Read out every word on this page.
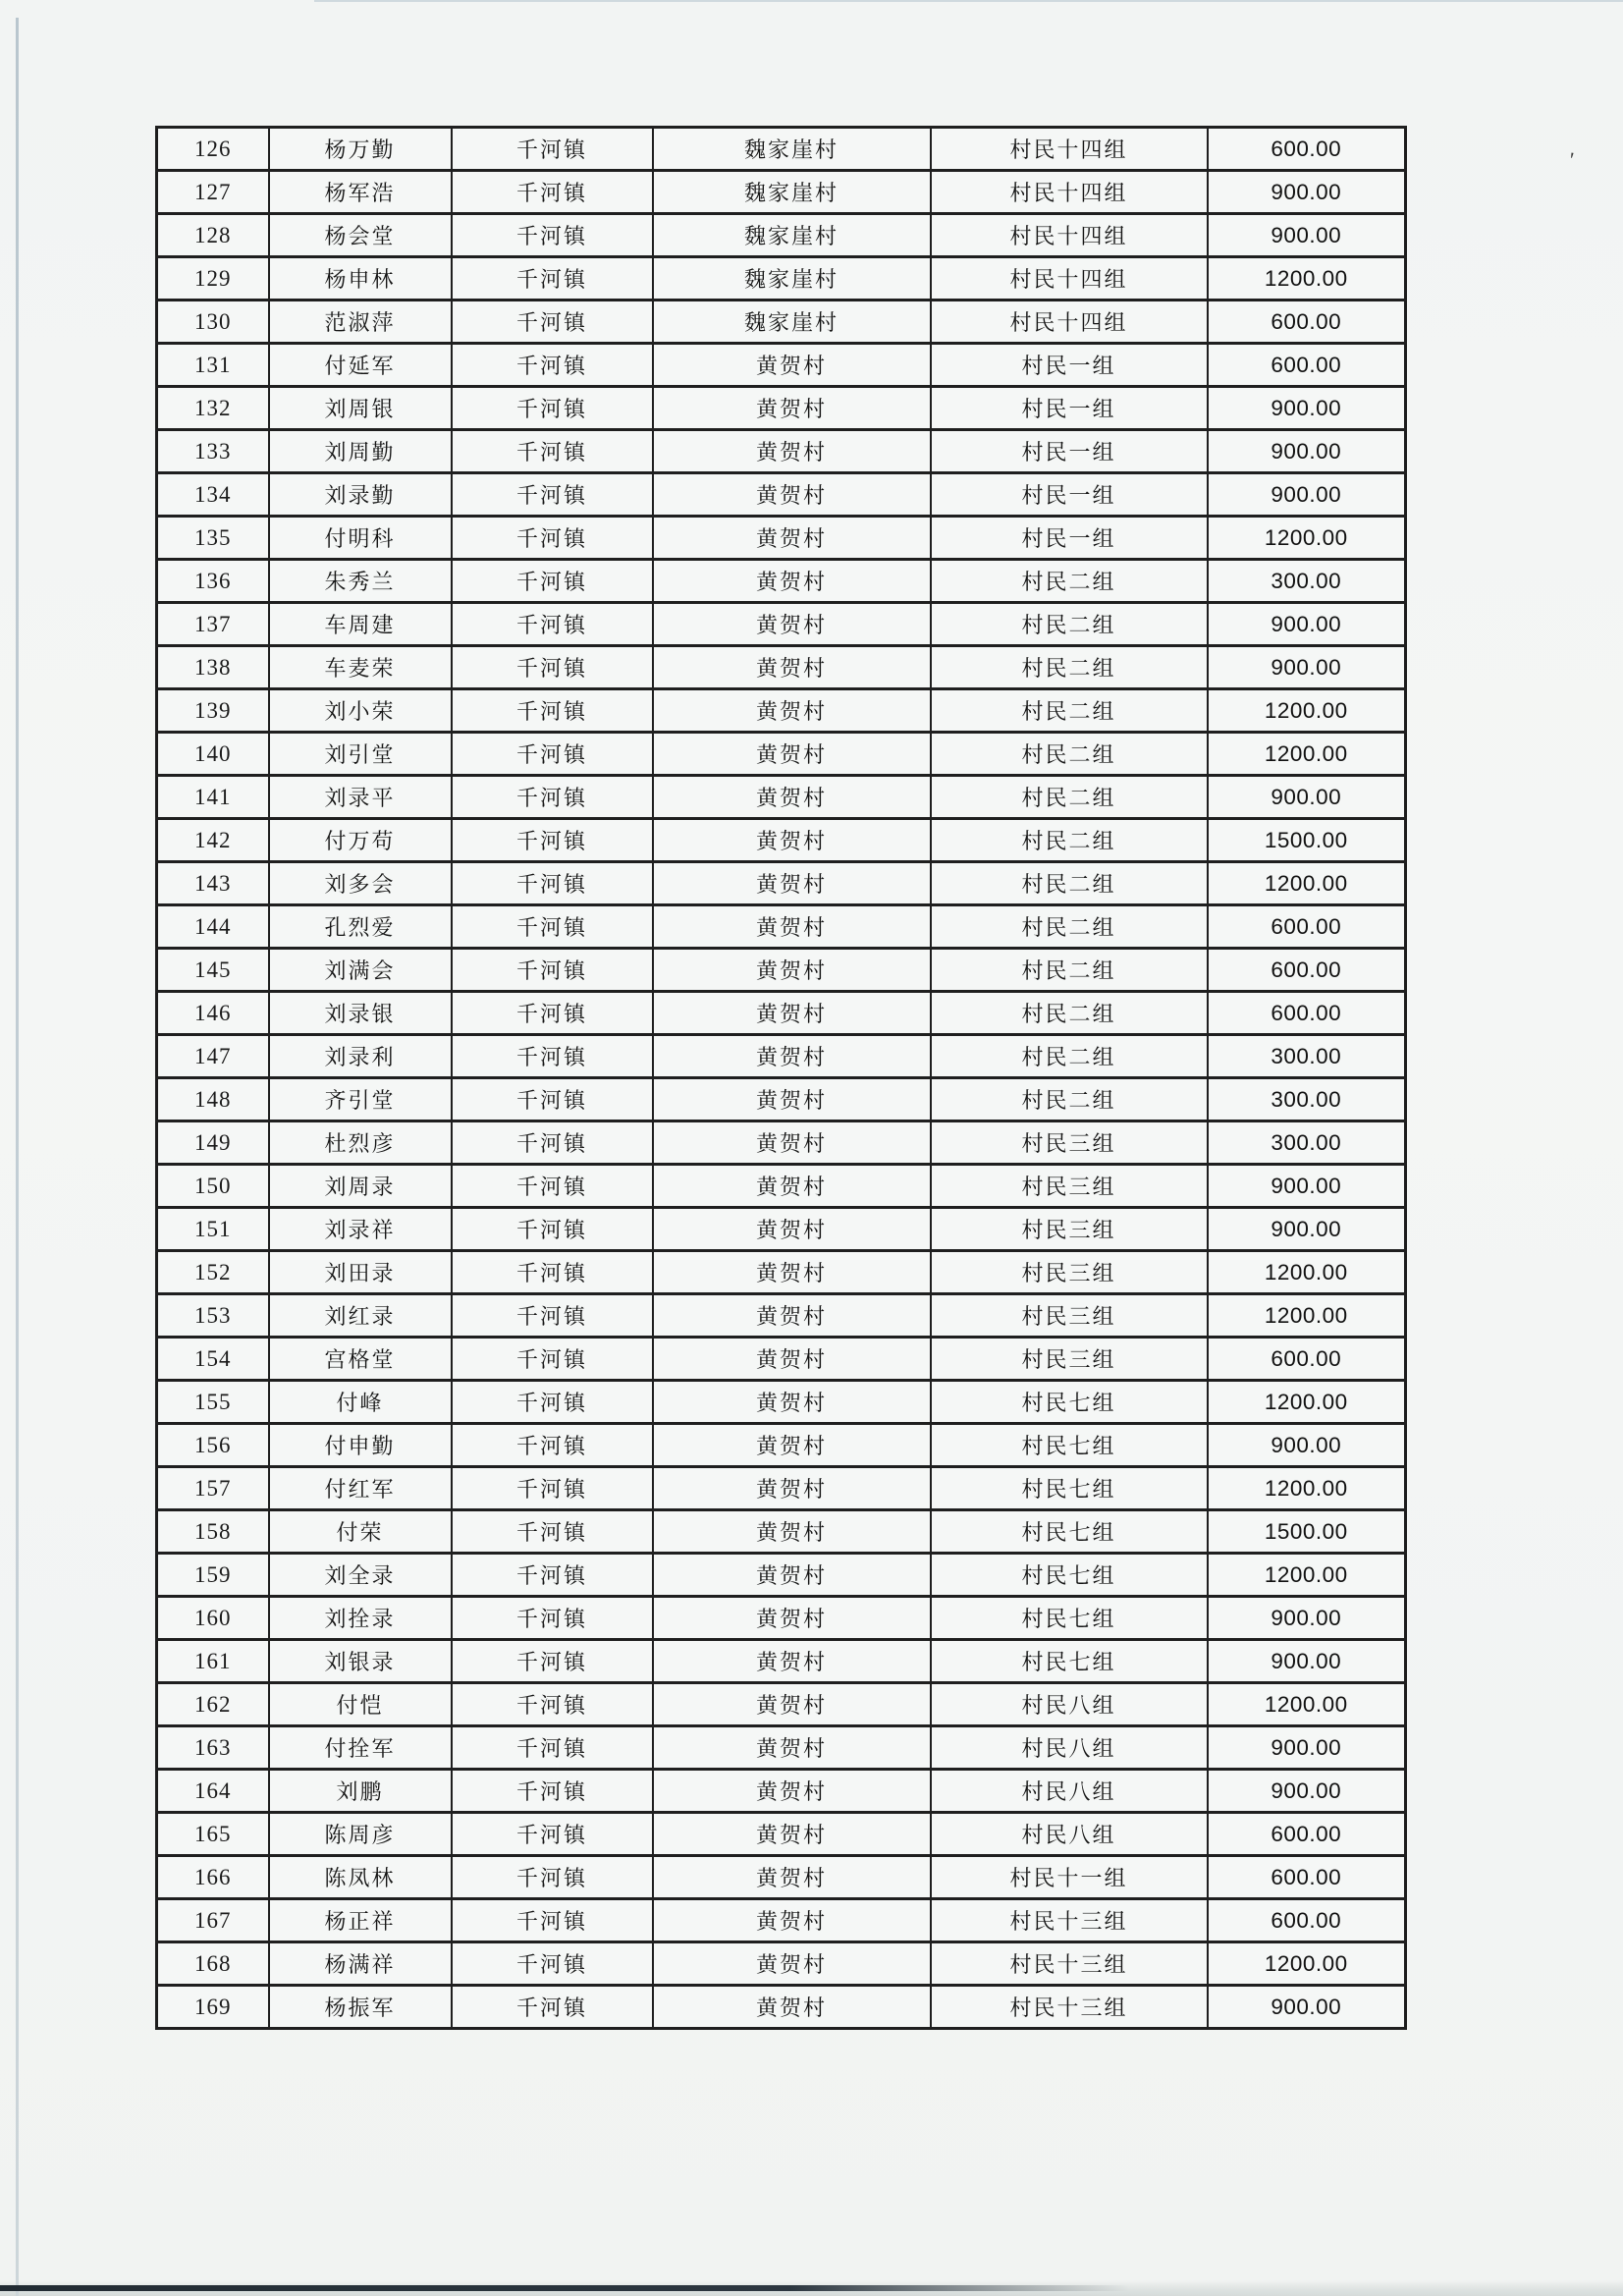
'
126	杨万勤	千河镇	魏家崖村	村民十四组	600.00
127	杨军浩	千河镇	魏家崖村	村民十四组	900.00
128	杨会堂	千河镇	魏家崖村	村民十四组	900.00
129	杨申林	千河镇	魏家崖村	村民十四组	1200.00
130	范淑萍	千河镇	魏家崖村	村民十四组	600.00
131	付延军	千河镇	黄贺村	村民一组	600.00
132	刘周银	千河镇	黄贺村	村民一组	900.00
133	刘周勤	千河镇	黄贺村	村民一组	900.00
134	刘录勤	千河镇	黄贺村	村民一组	900.00
135	付明科	千河镇	黄贺村	村民一组	1200.00
136	朱秀兰	千河镇	黄贺村	村民二组	300.00
137	车周建	千河镇	黄贺村	村民二组	900.00
138	车麦荣	千河镇	黄贺村	村民二组	900.00
139	刘小荣	千河镇	黄贺村	村民二组	1200.00
140	刘引堂	千河镇	黄贺村	村民二组	1200.00
141	刘录平	千河镇	黄贺村	村民二组	900.00
142	付万苟	千河镇	黄贺村	村民二组	1500.00
143	刘多会	千河镇	黄贺村	村民二组	1200.00
144	孔烈爱	千河镇	黄贺村	村民二组	600.00
145	刘满会	千河镇	黄贺村	村民二组	600.00
146	刘录银	千河镇	黄贺村	村民二组	600.00
147	刘录利	千河镇	黄贺村	村民二组	300.00
148	齐引堂	千河镇	黄贺村	村民二组	300.00
149	杜烈彦	千河镇	黄贺村	村民三组	300.00
150	刘周录	千河镇	黄贺村	村民三组	900.00
151	刘录祥	千河镇	黄贺村	村民三组	900.00
152	刘田录	千河镇	黄贺村	村民三组	1200.00
153	刘红录	千河镇	黄贺村	村民三组	1200.00
154	宫格堂	千河镇	黄贺村	村民三组	600.00
155	付峰	千河镇	黄贺村	村民七组	1200.00
156	付申勤	千河镇	黄贺村	村民七组	900.00
157	付红军	千河镇	黄贺村	村民七组	1200.00
158	付荣	千河镇	黄贺村	村民七组	1500.00
159	刘全录	千河镇	黄贺村	村民七组	1200.00
160	刘拴录	千河镇	黄贺村	村民七组	900.00
161	刘银录	千河镇	黄贺村	村民七组	900.00
162	付恺	千河镇	黄贺村	村民八组	1200.00
163	付拴军	千河镇	黄贺村	村民八组	900.00
164	刘鹏	千河镇	黄贺村	村民八组	900.00
165	陈周彦	千河镇	黄贺村	村民八组	600.00
166	陈凤林	千河镇	黄贺村	村民十一组	600.00
167	杨正祥	千河镇	黄贺村	村民十三组	600.00
168	杨满祥	千河镇	黄贺村	村民十三组	1200.00
169	杨振军	千河镇	黄贺村	村民十三组	900.00
